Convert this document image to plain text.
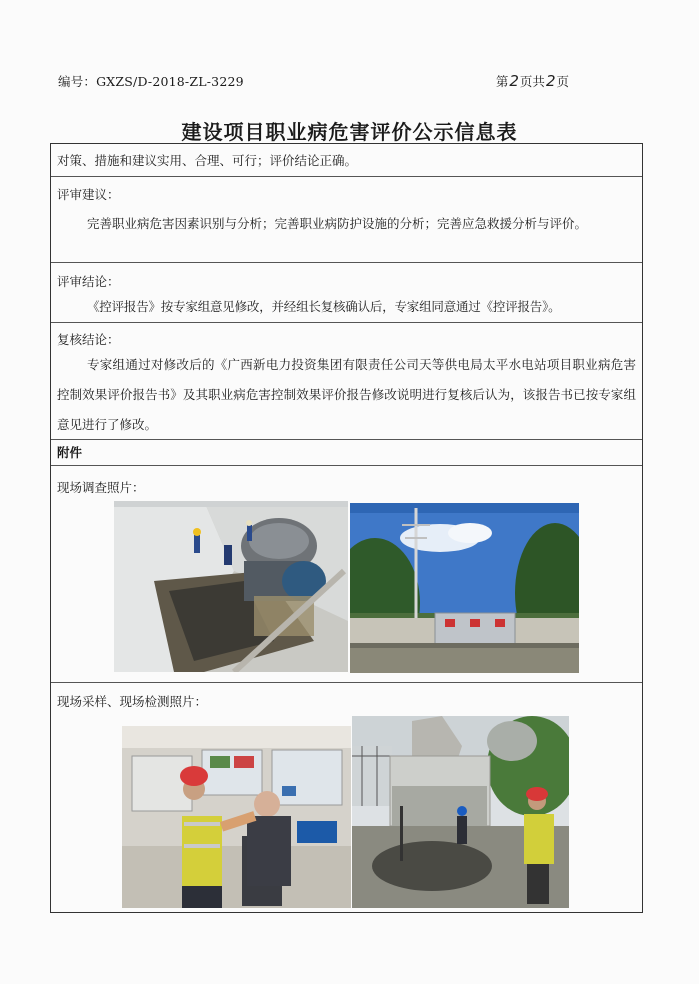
编号：GXZS/D-2018-ZL-3229	第2页共2页
建设项目职业病危害评价公示信息表
对策、措施和建议实用、合理、可行；评价结论正确。
评审建议：
完善职业病危害因素识别与分析；完善职业病防护设施的分析；完善应急救援分析与评价。
评审结论：
《控评报告》按专家组意见修改，并经组长复核确认后，专家组同意通过《控评报告》。
复核结论：
专家组通过对修改后的《广西新电力投资集团有限责任公司天等供电局太平水电站项目职业病危害控制效果评价报告书》及其职业病危害控制效果评价报告修改说明进行复核后认为，该报告书已按专家组意见进行了修改。
附件
现场调查照片：
现场采样、现场检测照片：
